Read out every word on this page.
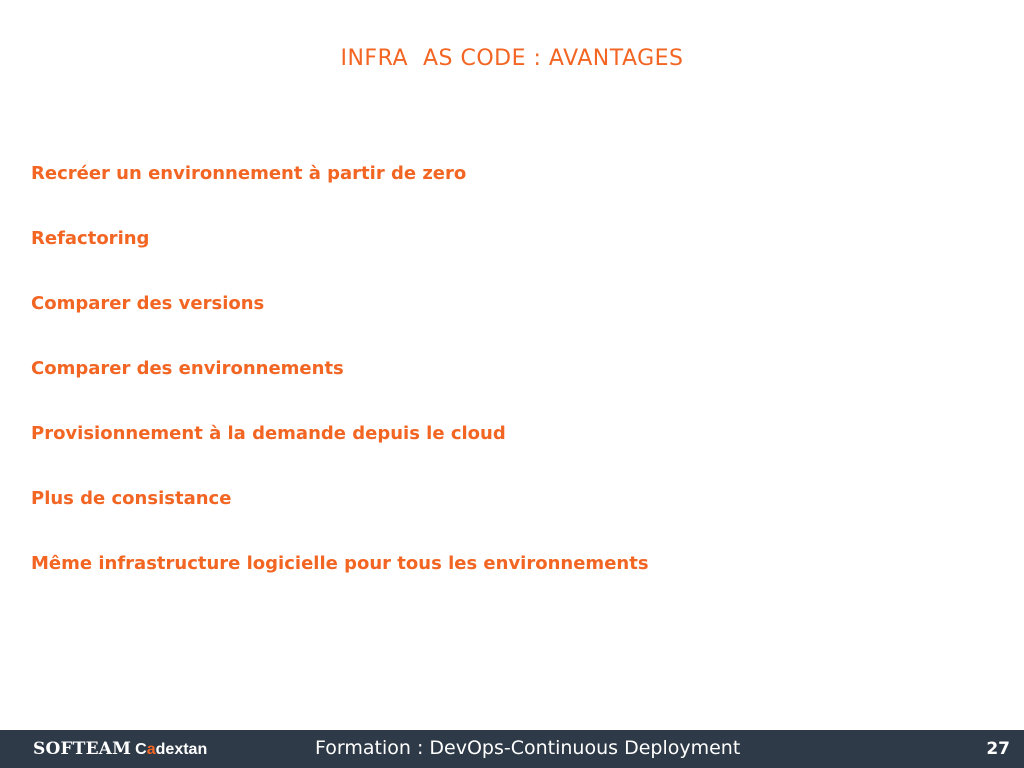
INFRA  AS CODE : AVANTAGES
Recréer un environnement à partir de zero
Refactoring
Comparer des versions
Comparer des environnements
Provisionnement à la demande depuis le cloud
Plus de consistance
Même infrastructure logicielle pour tous les environnements
SOFTEAM Cadextan	Formation : DevOps-Continuous Deployment	27
